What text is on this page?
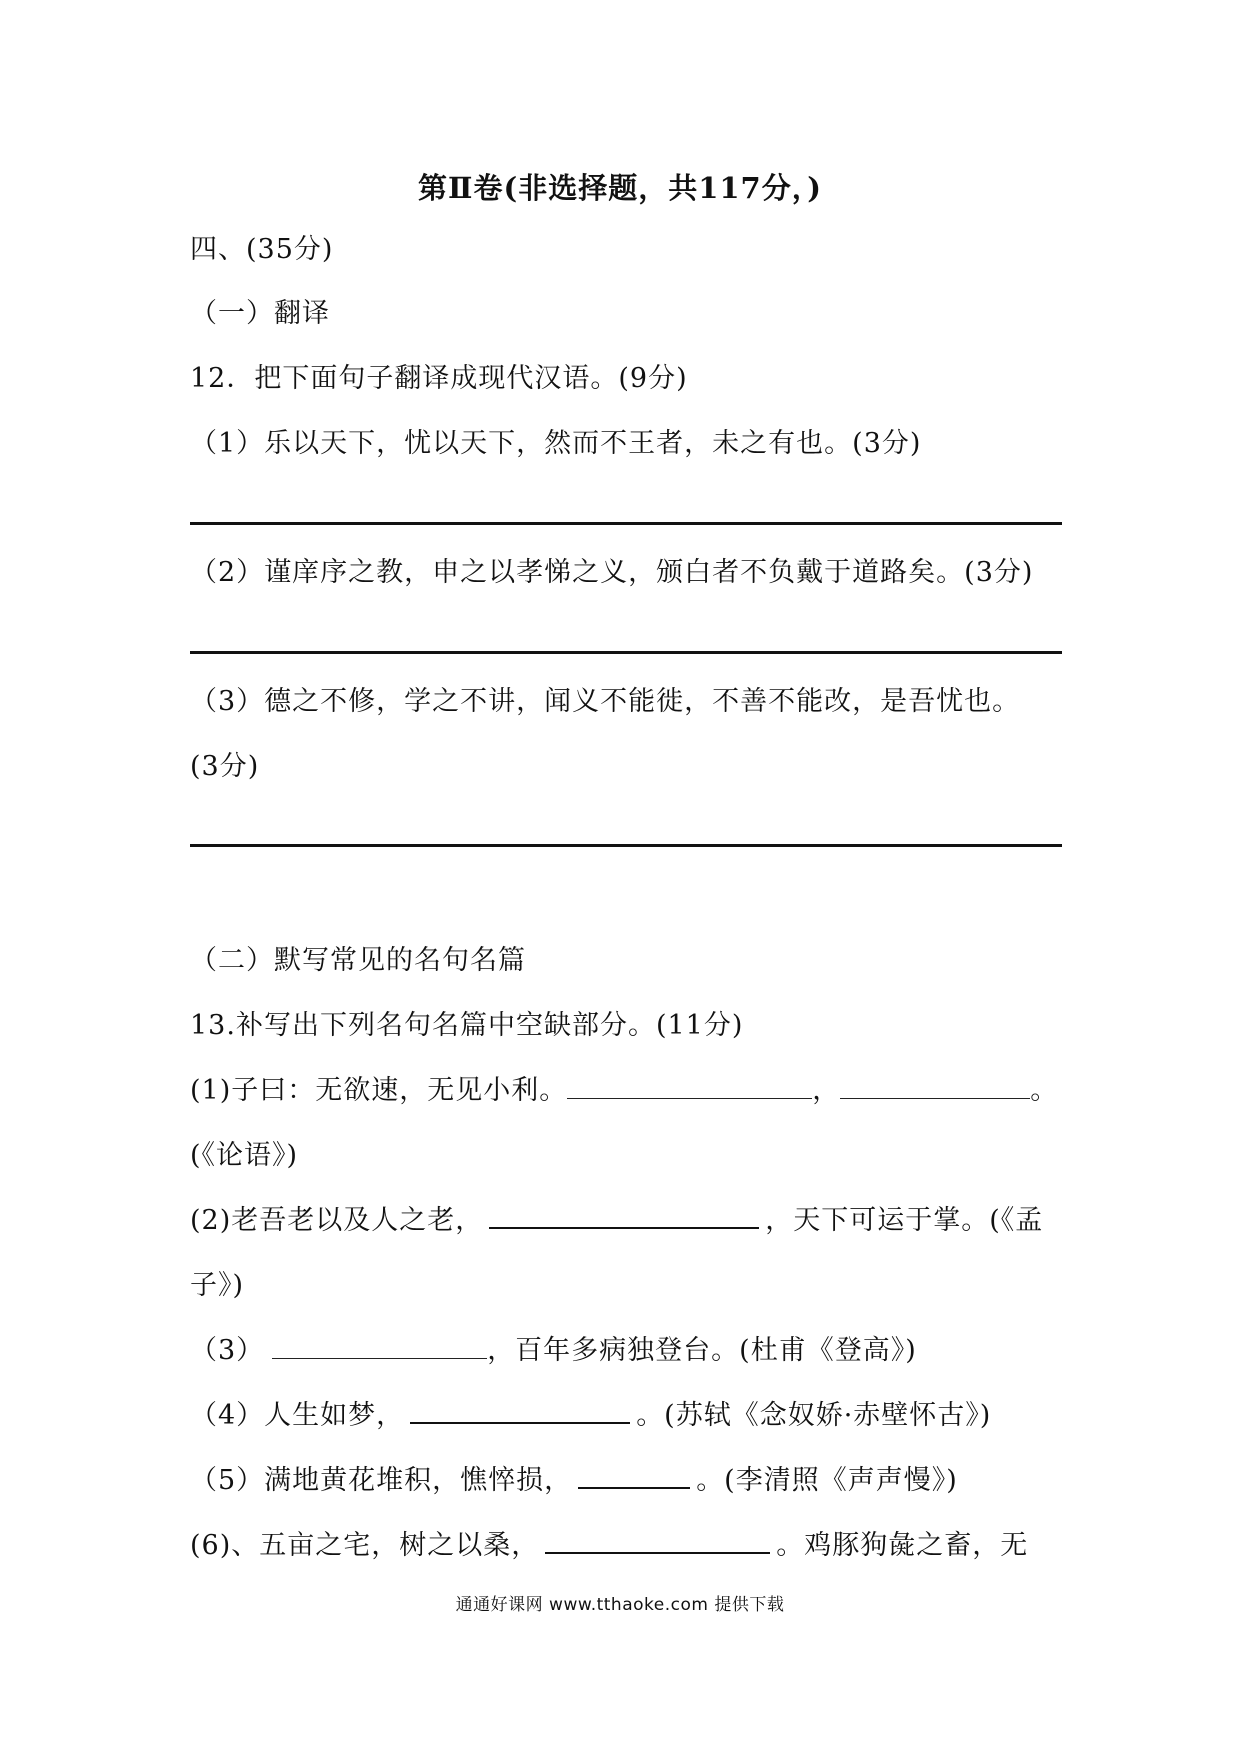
第Ⅱ卷(非选择题，共117分，)
四、(35分)
（一）翻译
12．把下面句子翻译成现代汉语。(9分)
（1）乐以天下，忧以天下，然而不王者，未之有也。(3分)
（2）谨庠序之教，申之以孝悌之义，颁白者不负戴于道路矣。(3分)
（3）德之不修，学之不讲，闻义不能徙，不善不能改，是吾忧也。
(3分)
（二）默写常见的名句名篇
13.补写出下列名句名篇中空缺部分。(11分)
(1)子曰：无欲速，无见小利。	，	。
(《论语》)
(2)老吾老以及人之老，	，天下可运于掌。(《孟
子》)
（3）	，百年多病独登台。(杜甫《登高》)
（4）人生如梦，	。(苏轼《念奴娇·赤壁怀古》)
（5）满地黄花堆积，憔悴损，	。(李清照《声声慢》)
(6)、五亩之宅，树之以桑，	。鸡豚狗彘之畜，无
通通好课网 www.tthaoke.com 提供下载
